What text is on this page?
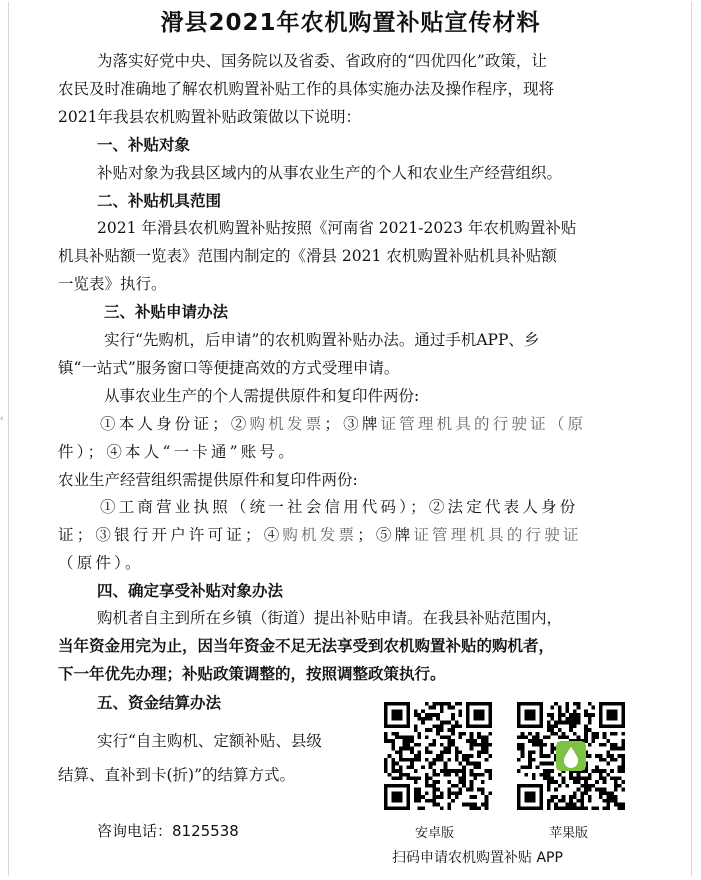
‹
滑县2021年农机购置补贴宣传材料
为落实好党中央、国务院以及省委、省政府的“四优四化”政策，让
农民及时准确地了解农机购置补贴工作的具体实施办法及操作程序，现将
2021年我县农机购置补贴政策做以下说明：
一、补贴对象
补贴对象为我县区域内的从事农业生产的个人和农业生产经营组织。
二、补贴机具范围
2021 年滑县农机购置补贴按照《河南省 2021-2023 年农机购置补贴
机具补贴额一览表》范围内制定的《滑县 2021 农机购置补贴机具补贴额
一览表》执行。
三、补贴申请办法
实行“先购机，后申请”的农机购置补贴办法。通过手机APP、乡
镇“一站式”服务窗口等便捷高效的方式受理申请。
从事农业生产的个人需提供原件和复印件两份:
①本人身份证；②购机发票；③牌证管理机具的行驶证（原
件）；④本人“一卡通”账号。
农业生产经营组织需提供原件和复印件两份:
①工商营业执照（统一社会信用代码）；②法定代表人身份
证；③银行开户许可证；④购机发票；⑤牌证管理机具的行驶证
（原件）。
四、确定享受补贴对象办法
购机者自主到所在乡镇（街道）提出补贴申请。在我县补贴范围内，
当年资金用完为止，因当年资金不足无法享受到农机购置补贴的购机者，
下一年优先办理；补贴政策调整的，按照调整政策执行。
五、资金结算办法
实行“自主购机、定额补贴、县级
结算、直补到卡(折)”的结算方式。
咨询电话：8125538	安卓版	苹果版
扫码申请农机购置补贴 APP
